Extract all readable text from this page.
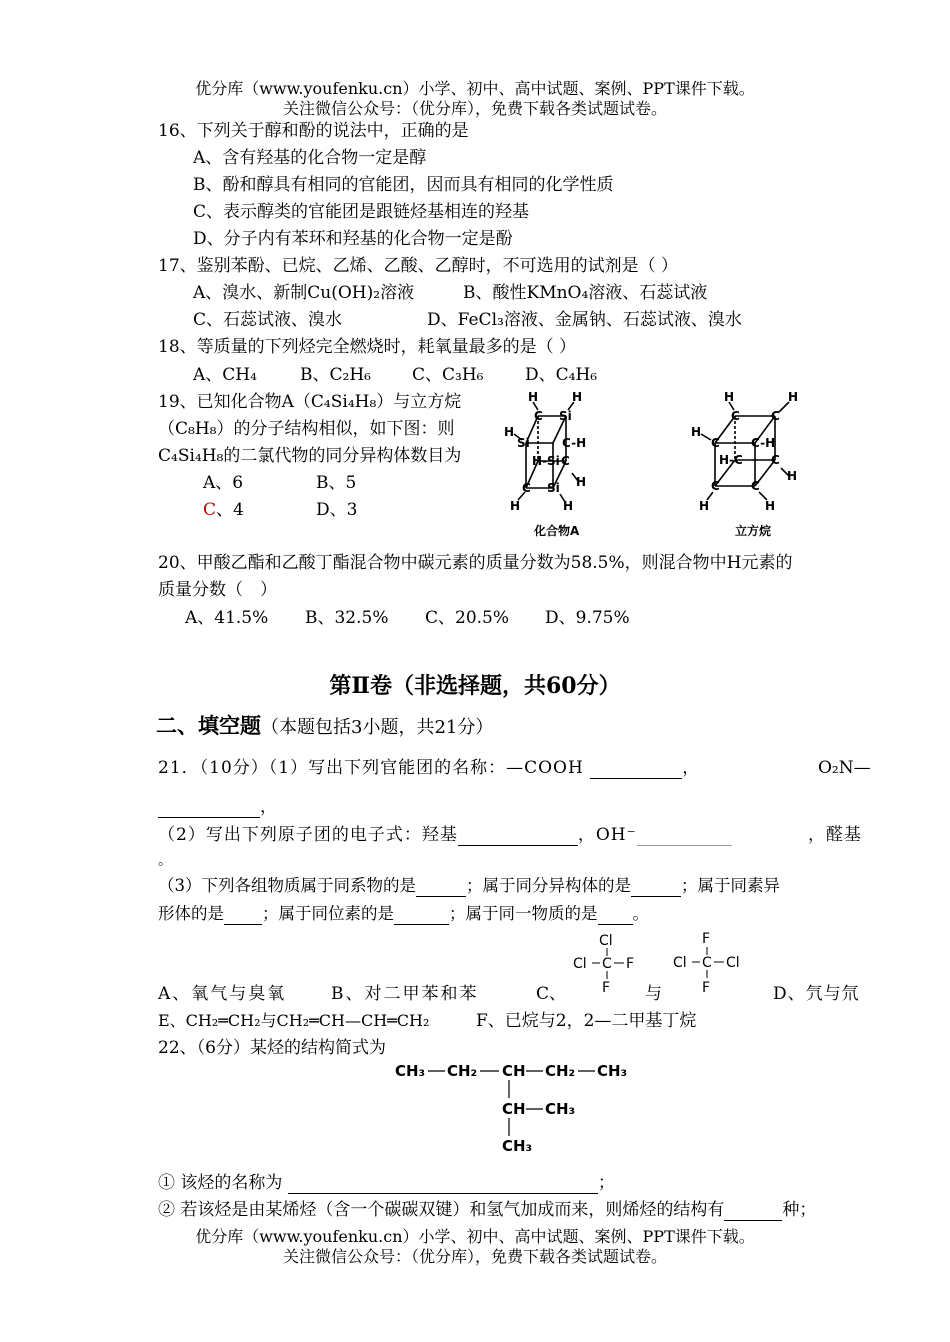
优分库（www.youfenku.cn）小学、初中、高中试题、案例、PPT课件下载。
关注微信公众号：（优分库），免费下载各类试题试卷。
16、下列关于醇和酚的说法中，正确的是
A、含有羟基的化合物一定是醇
B、酚和醇具有相同的官能团，因而具有相同的化学性质
C、表示醇类的官能团是跟链烃基相连的羟基
D、分子内有苯环和羟基的化合物一定是酚
17、鉴别苯酚、已烷、乙烯、乙酸、乙醇时，不可选用的试剂是（ ）
A、溴水、新制Cu(OH)₂溶液	B、酸性KMnO₄溶液、石蕊试液
C、石蕊试液、溴水	D、FeCl₃溶液、金属钠、石蕊试液、溴水
18、等质量的下列烃完全燃烧时，耗氧量最多的是（ ）
A、CH₄	B、C₂H₆ C、C₃H₆ D、C₄H₆
19、已知化合物A（C₄Si₄H₈）与立方烷
（C₈H₈）的分子结构相似，如下图：则
C₄Si₄H₈的二氯代物的同分异构体数目为
A、6	B、5
C、4	D、3
H
C Si
H
H
Si	C-H
H-Si C
H
C Si
H	H
化合物A
H
C	C
H
H
C	C-H
H-C C
H
C	C
H	H
立方烷
20、甲酸乙酯和乙酸丁酯混合物中碳元素的质量分数为58.5%，则混合物中H元素的
质量分数（　）
A、41.5% B、32.5% C、20.5% D、9.75%
第Ⅱ卷（非选择题，共60分）
二、填空题（本题包括3小题，共21分）
21．（10分）（1）写出下列官能团的名称：—COOH	，	O₂N—
，
（2）写出下列原子团的电子式：羟基	，OH⁻	，醛基
。
（3）下列各组物质属于同系物的是	；属于同分异构体的是	；属于同素异
形体的是 ；属于同位素的是	；属于同一物质的是 。
Cl
Cl C F
F
F
Cl C Cl
F
A、氧气与臭氧	B、对二甲苯和苯	C、	与	D、氕与氘
E、CH₂═CH₂与CH₂═CH—CH═CH₂	F、已烷与2，2—二甲基丁烷
22、（6分）某烃的结构简式为
CH₃ CH₂ CH CH₂ CH₃
CH CH₃
CH₃
① 该烃的名称为	；
② 若该烃是由某烯烃（含一个碳碳双键）和氢气加成而来，则烯烃的结构有	种；
优分库（www.youfenku.cn）小学、初中、高中试题、案例、PPT课件下载。
关注微信公众号：（优分库），免费下载各类试题试卷。
